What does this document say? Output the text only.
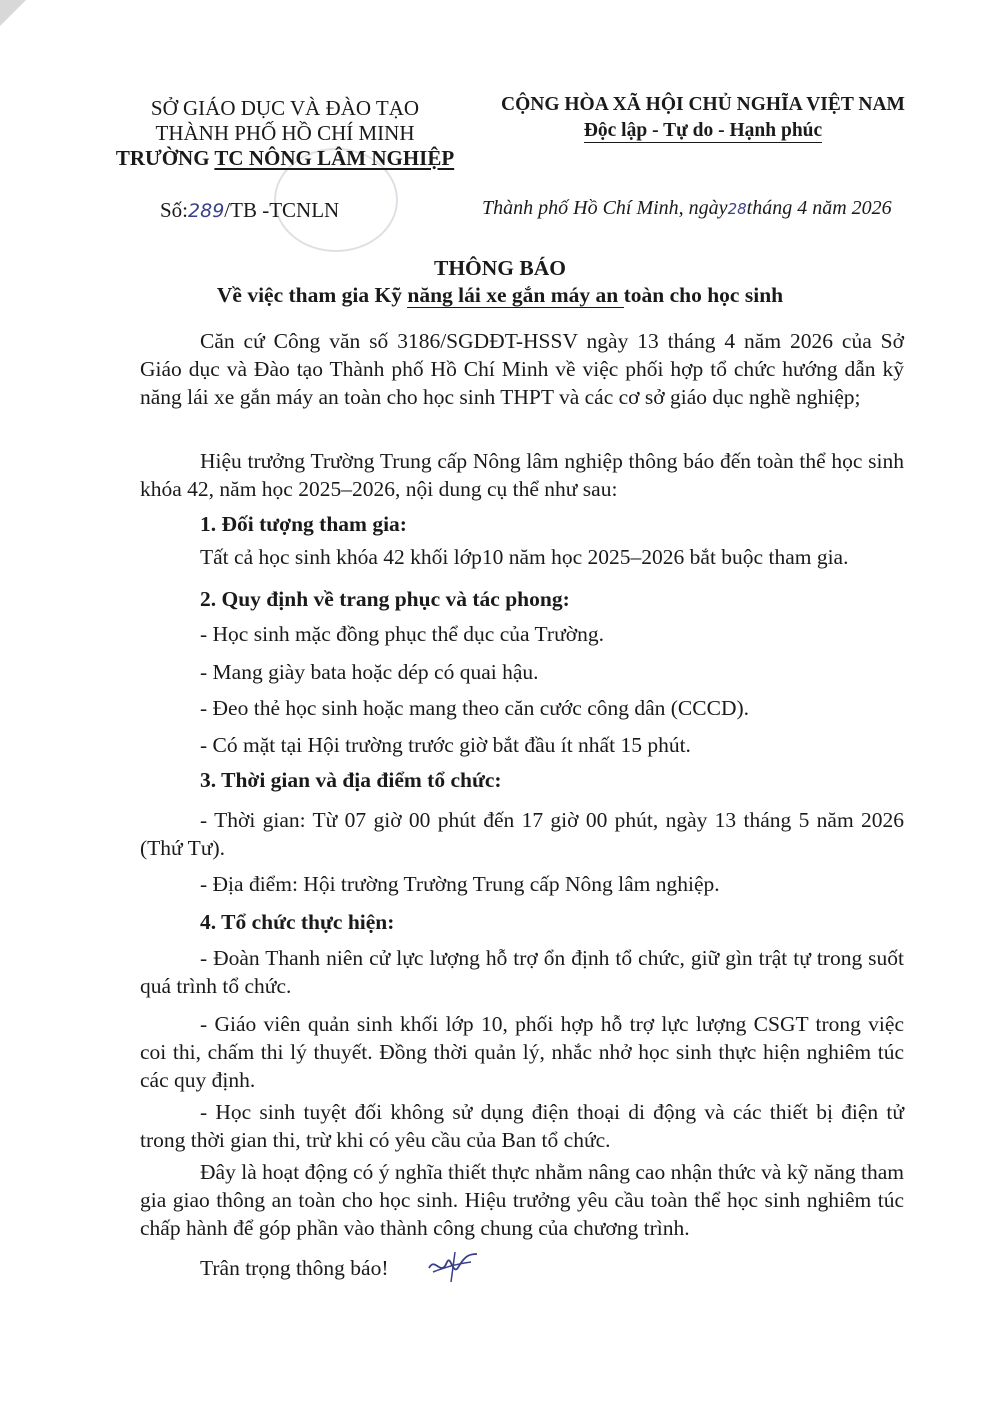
SỞ GIÁO DỤC VÀ ĐÀO TẠO
THÀNH PHỐ HỒ CHÍ MINH
TRƯỜNG TC NÔNG LÂM NGHIỆP
CỘNG HÒA XÃ HỘI CHỦ NGHĨA VIỆT NAM
Độc lập - Tự do - Hạnh phúc
Số:289/TB -TCNLN	Thành phố Hồ Chí Minh, ngày28tháng 4 năm 2026
THÔNG BÁO
Về việc tham gia Kỹ năng lái xe gắn máy an toàn cho học sinh
Căn cứ Công văn số 3186/SGDĐT-HSSV ngày 13 tháng 4 năm 2026 của Sở Giáo dục và Đào tạo Thành phố Hồ Chí Minh về việc phối hợp tổ chức hướng dẫn kỹ năng lái xe gắn máy an toàn cho học sinh THPT và các cơ sở giáo dục nghề nghiệp;
Hiệu trưởng Trường Trung cấp Nông lâm nghiệp thông báo đến toàn thể học sinh khóa 42, năm học 2025–2026, nội dung cụ thể như sau:
1. Đối tượng tham gia:
Tất cả học sinh khóa 42 khối lớp10 năm học 2025–2026 bắt buộc tham gia.
2. Quy định về trang phục và tác phong:
- Học sinh mặc đồng phục thể dục của Trường.
- Mang giày bata hoặc dép có quai hậu.
- Đeo thẻ học sinh hoặc mang theo căn cước công dân (CCCD).
- Có mặt tại Hội trường trước giờ bắt đầu ít nhất 15 phút.
3. Thời gian và địa điểm tổ chức:
- Thời gian: Từ 07 giờ 00 phút đến 17 giờ 00 phút, ngày 13 tháng 5 năm 2026 (Thứ Tư).
- Địa điểm: Hội trường Trường Trung cấp Nông lâm nghiệp.
4. Tổ chức thực hiện:
- Đoàn Thanh niên cử lực lượng hỗ trợ ổn định tổ chức, giữ gìn trật tự trong suốt quá trình tổ chức.
- Giáo viên quản sinh khối lớp 10, phối hợp hỗ trợ lực lượng CSGT trong việc coi thi, chấm thi lý thuyết. Đồng thời quản lý, nhắc nhở học sinh thực hiện nghiêm túc các quy định.
- Học sinh tuyệt đối không sử dụng điện thoại di động và các thiết bị điện tử trong thời gian thi, trừ khi có yêu cầu của Ban tổ chức.
Đây là hoạt động có ý nghĩa thiết thực nhằm nâng cao nhận thức và kỹ năng tham gia giao thông an toàn cho học sinh. Hiệu trưởng yêu cầu toàn thể học sinh nghiêm túc chấp hành để góp phần vào thành công chung của chương trình.
Trân trọng thông báo!
